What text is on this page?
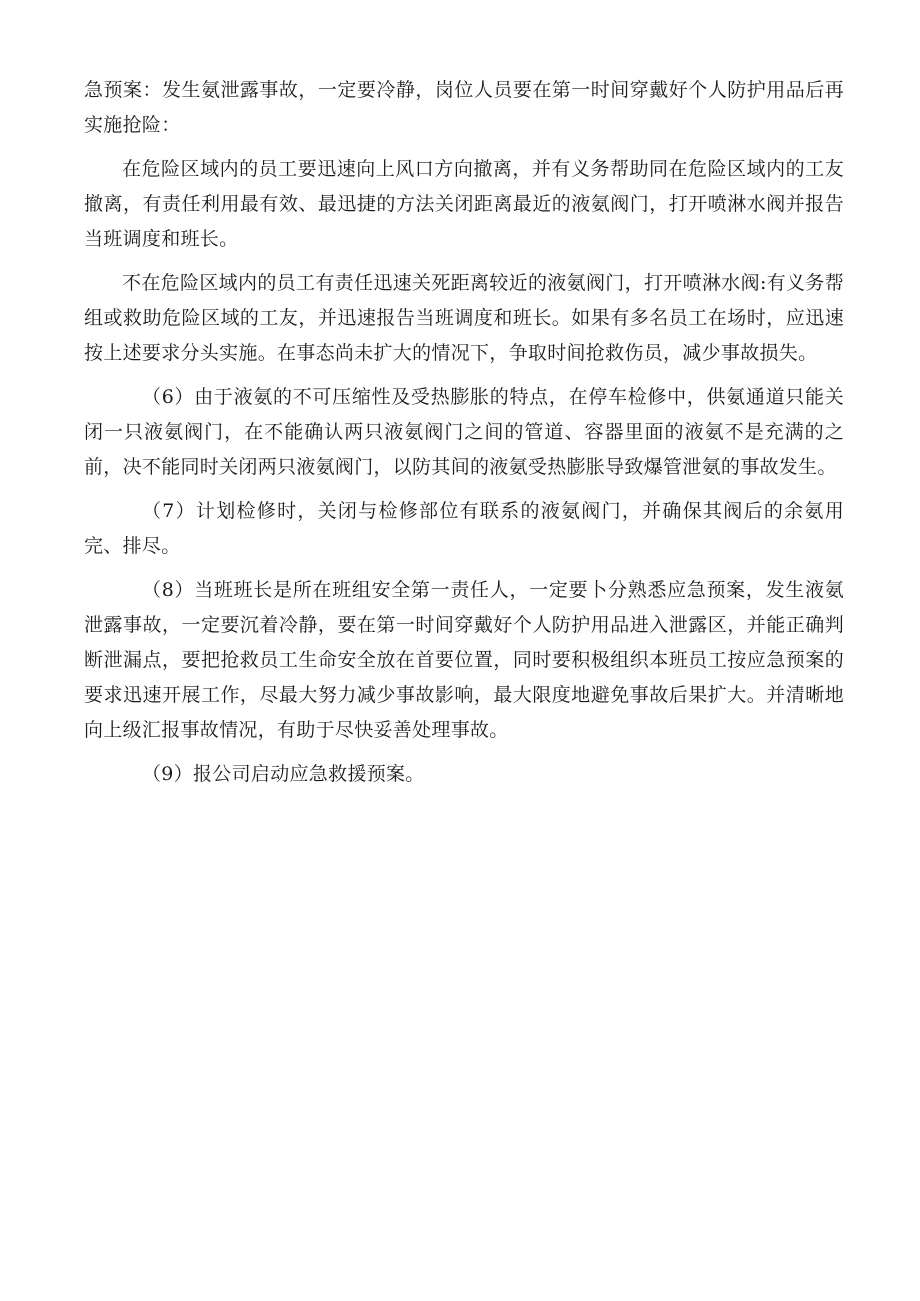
急预案：发生氨泄露事故，一定要冷静，岗位人员要在第一时间穿戴好个人防护用品后再实施抢险：

在危险区域内的员工要迅速向上风口方向撤离，并有义务帮助同在危险区域内的工友撤离，有责任利用最有效、最迅捷的方法关闭距离最近的液氨阀门，打开喷淋水阀并报告当班调度和班长。

不在危险区域内的员工有责任迅速关死距离较近的液氨阀门，打开喷淋水阀:有义务帮组或救助危险区域的工友，并迅速报告当班调度和班长。如果有多名员工在场时，应迅速按上述要求分头实施。在事态尚未扩大的情况下，争取时间抢救伤员，减少事故损失。

（6）由于液氨的不可压缩性及受热膨胀的特点，在停车检修中，供氨通道只能关闭一只液氨阀门，在不能确认两只液氨阀门之间的管道、容器里面的液氨不是充满的之前，决不能同时关闭两只液氨阀门，以防其间的液氨受热膨胀导致爆管泄氨的事故发生。

（7）计划检修时，关闭与检修部位有联系的液氨阀门，并确保其阀后的余氨用完、排尽。

（8）当班班长是所在班组安全第一责任人，一定要卜分熟悉应急预案，发生液氨泄露事故，一定要沉着冷静，要在第一时间穿戴好个人防护用品进入泄露区，并能正确判断泄漏点，要把抢救员工生命安全放在首要位置，同时要积极组织本班员工按应急预案的要求迅速开展工作，尽最大努力减少事故影响，最大限度地避免事故后果扩大。并清晰地向上级汇报事故情况，有助于尽快妥善处理事故。

（9）报公司启动应急救援预案。
